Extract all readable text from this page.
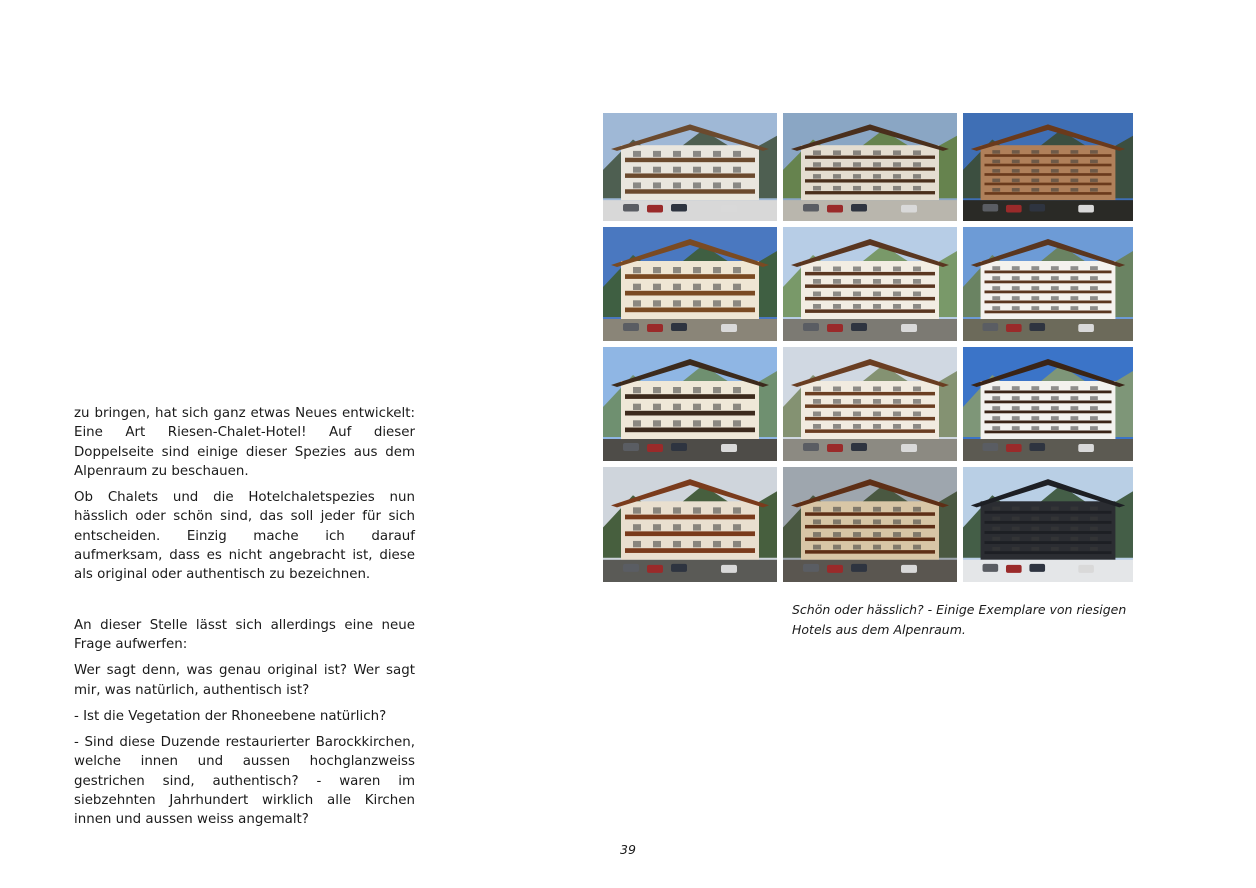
zu bringen, hat sich ganz etwas Neues entwickelt: Eine Art Riesen-Chalet-Hotel! Auf dieser Doppelseite sind einige dieser Spezies aus dem Alpenraum zu beschauen.

Ob Chalets und die Hotelchaletspezies nun hässlich oder schön sind, das soll jeder für sich entscheiden. Einzig mache ich darauf aufmerksam, dass es nicht angebracht ist, diese als original oder authentisch zu bezeichnen.

An dieser Stelle lässt sich allerdings eine neue Frage aufwerfen:

Wer sagt denn, was genau original ist? Wer sagt mir, was natürlich, authentisch ist?

- Ist die Vegetation der Rhoneebene natürlich?

- Sind diese Duzende restaurierter Barockkirchen, welche innen und aussen hochglanzweiss gestrichen sind, authentisch? - waren im siebzehnten Jahrhundert wirklich alle Kirchen innen und aussen weiss angemalt?

Schön oder hässlich? - Einige Exemplare von riesigen Hotels aus dem Alpenraum.
39
